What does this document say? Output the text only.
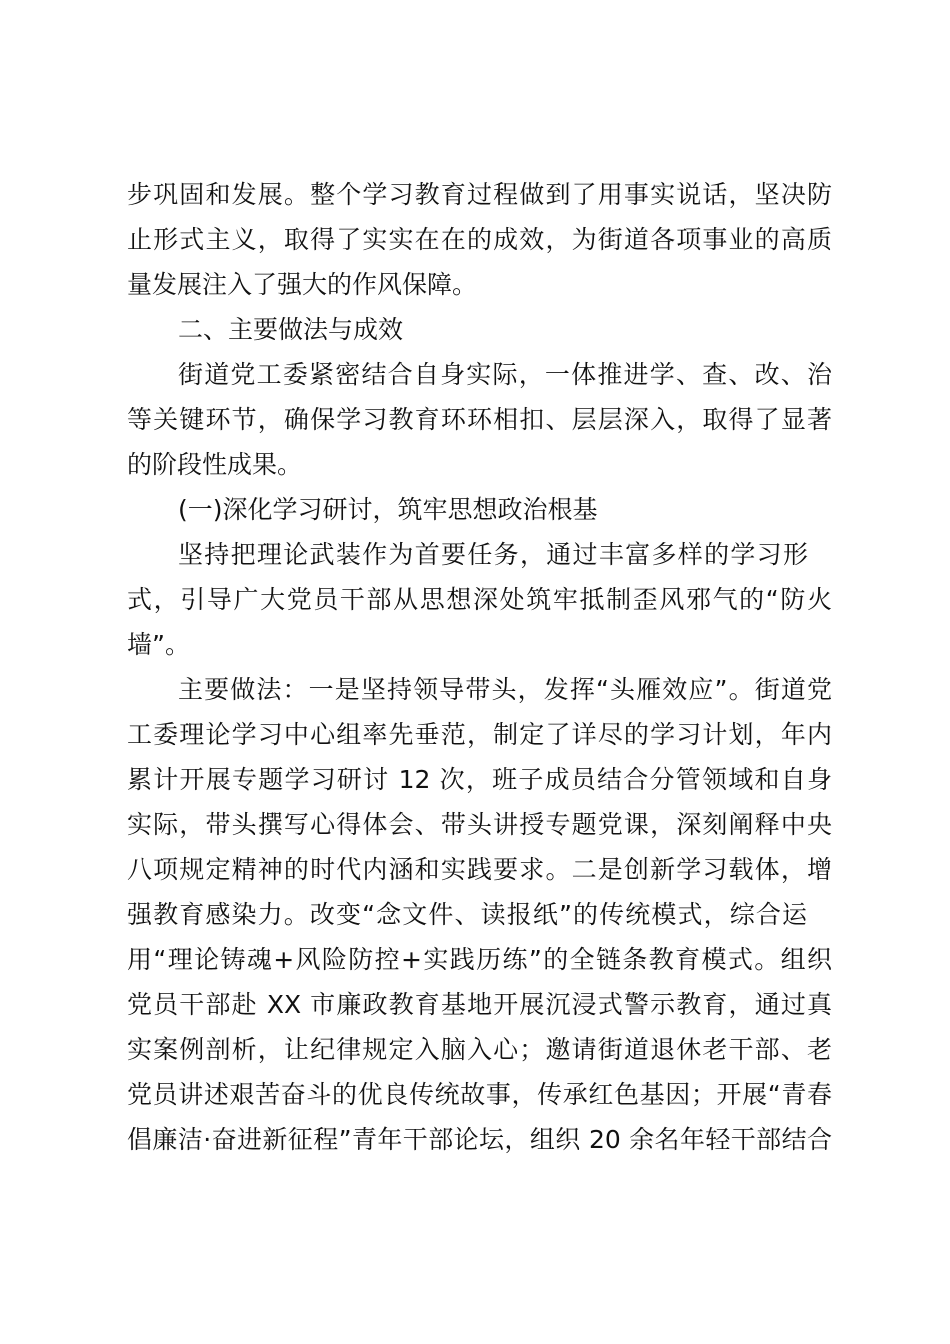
步巩固和发展。整个学习教育过程做到了用事实说话，坚决防
止形式主义，取得了实实在在的成效，为街道各项事业的高质
量发展注入了强大的作风保障。
二、主要做法与成效
街道党工委紧密结合自身实际，一体推进学、查、改、治
等关键环节，确保学习教育环环相扣、层层深入，取得了显著
的阶段性成果。
(一)深化学习研讨，筑牢思想政治根基
坚持把理论武装作为首要任务，通过丰富多样的学习形
式，引导广大党员干部从思想深处筑牢抵制歪风邪气的“防火
墙”。
主要做法：一是坚持领导带头，发挥“头雁效应”。街道党
工委理论学习中心组率先垂范，制定了详尽的学习计划，年内
累计开展专题学习研讨 12 次，班子成员结合分管领域和自身
实际，带头撰写心得体会、带头讲授专题党课，深刻阐释中央
八项规定精神的时代内涵和实践要求。二是创新学习载体，增
强教育感染力。改变“念文件、读报纸”的传统模式，综合运
用“理论铸魂+风险防控+实践历练”的全链条教育模式。组织
党员干部赴 XX 市廉政教育基地开展沉浸式警示教育，通过真
实案例剖析，让纪律规定入脑入心；邀请街道退休老干部、老
党员讲述艰苦奋斗的优良传统故事，传承红色基因；开展“青春
倡廉洁·奋进新征程”青年干部论坛，组织 20 余名年轻干部结合
